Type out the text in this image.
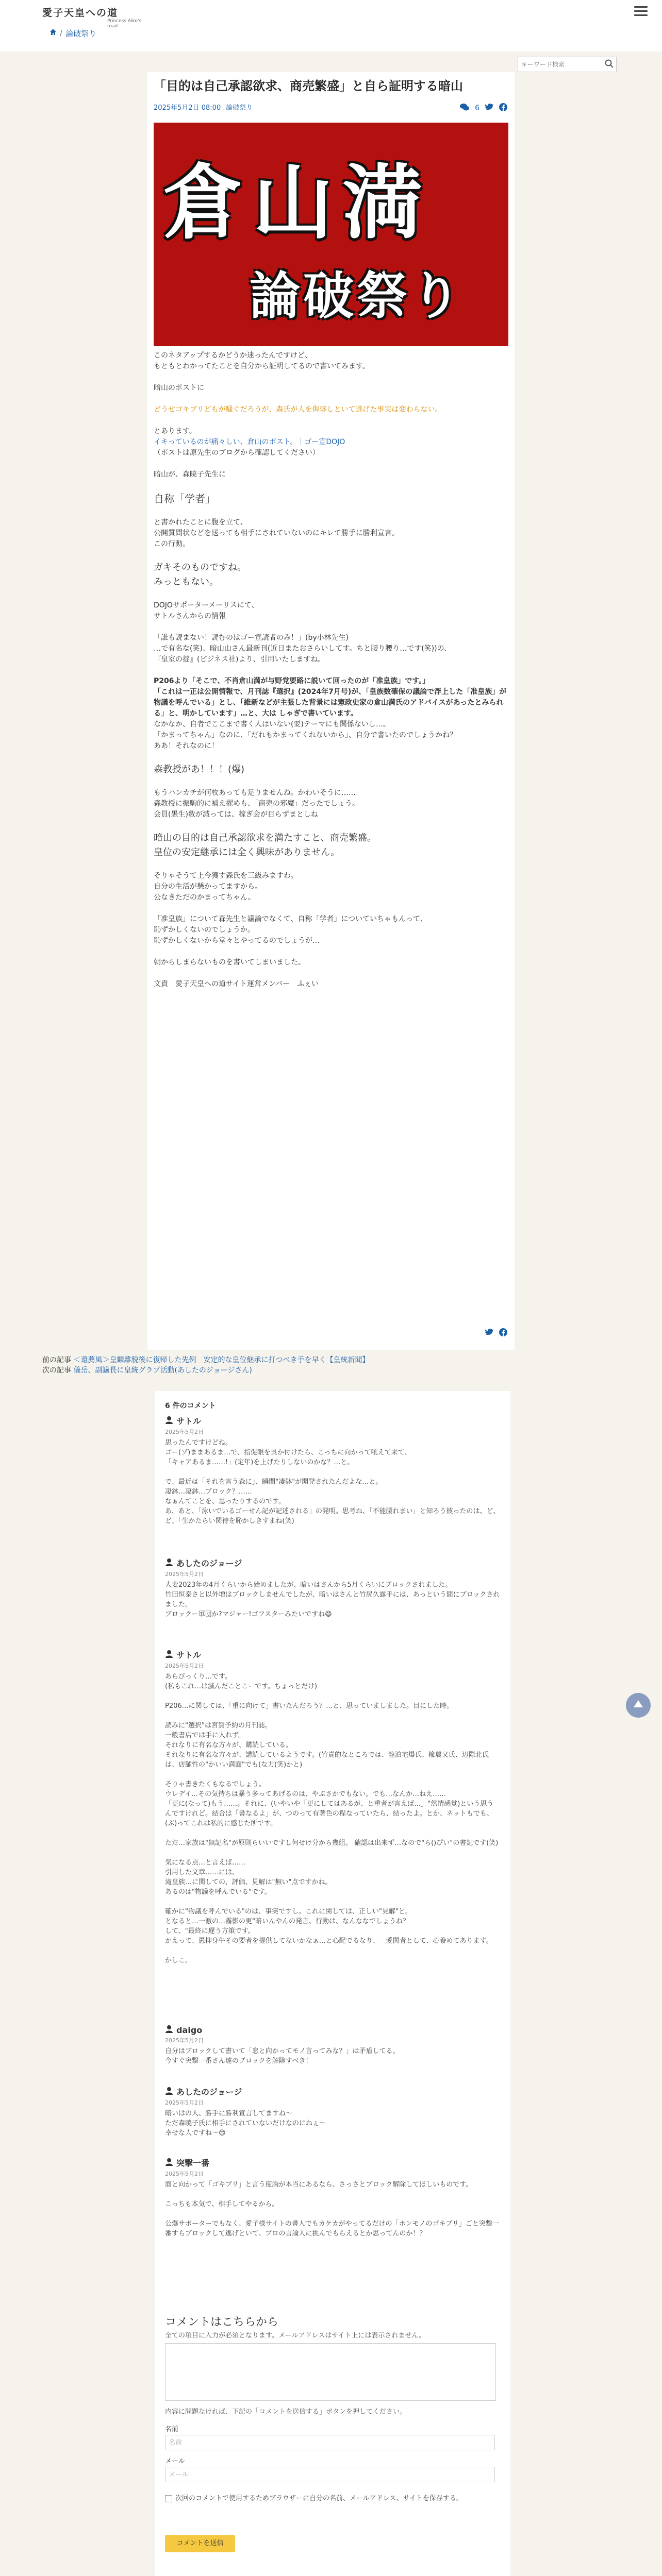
愛子天皇への道
Princess Aiko's road
/ 論破祭り
キーワード検索
「目的は自己承認欲求、商売繁盛」と自ら証明する暗山
2025年5月2日 08:00 論破祭り	6
倉山満
論破祭り

このネタアップするかどうか迷ったんですけど、
もともとわかってたことを自分から証明してるので書いてみます。

暗山のポストに

どうせゴキブリどもが騒ぐだろうが、森氏が人を侮辱しといて逃げた事実は変わらない。

とあります。
イキっているのが痛々しい、倉山のポスト。｜ゴー宣DOJO
（ポストは原先生のブログから確認してください）

暗山が、森暁子先生に

自称「学者」

と書かれたことに腹を立て、
公開質問状などを送っても相手にされていないのにキレて勝手に勝利宣言。
この行動。

ガキそのものですね。
みっともない。

DOJOサポーターメーリスにて、
サトルさんからの情報

「誰も読まない！読むのはゴー宣読者のみ！」(by小林先生)
…で有名な(笑)、暗山山さん最新刊(近日またおさらいしてす。ちと腰り腰り…です(笑))の、
『皇室の掟』(ビジネス社)より、引用いたしますね。

P206より「そこで、不肖倉山満が与野党要路に説いて回ったのが「准皇族」です。」
「これは一正は公開情報で、月刊誌『選択』(2024年7月号)が、「皇族数確保の議論で浮上した「准皇族」が物議を呼んでいる」とし、「維新などが主張した背景には憲政史家の倉山満氏のアドバイスがあったとみられる」と、明かしています」…と、大は しゃぎで書いています。
なかなか、自者でここまで書く人はいない(要)テーマにも関係ないし…。
「かまってちゃん」なのに、「だれもかまってくれないから」、自分で書いたのでしょうかね？
ああ！それなのに！

森教授があ！！！(爆)

もうハンカチが何枚あっても足りませんね。かわいそうに……
森教授に振駒的に補え擢めも、「商売の邪魔」だったでしょう。
会員(愚生)数が減っては、稼ぎ会が目らずまとしね

暗山の目的は自己承認欲求を満たすこと、商売繁盛。
皇位の安定継承には全く興味がありません。

そりゃそうて上今獲す森氏を三級みますわ。
自分の生活が懸かってますから。
公なきただのかまってちゃん。

「准皇族」について森先生と議論でなくて、自称「学者」についていちゃもんって、
恥ずかしくないのでしょうか。
恥ずかしくないから堂々とやってるのでしょうが…

朝からしまらないものを書いてしまいました。

文責　愛子天皇への道サイト運営メンバー　ふぇい

前の記事 ＜還薦風＞皇麟離脱後に復帰した先例　安定的な皇位継承に打つべき手を早く【皇統新聞】
次の記事 儀岳、副議長に皇統グラブ活動(あしたのジョージさん)
6 件のコメント
サトル
2025年5月2日
思ったんですけどね。
ゴー(ゾ)ままあるま…で、指促眼を呉か付けたら、こっちに向かって吼えて来て、
「キャアあるま……!」(定年)を上げたりしないのかな？…と。

で、最近は「それを言う森に」、瞬間"凄鉢"が開発されたんだよな…と。
凄鉢…凄鉢…ブロック？……
なぁんてことを、思ったりするのです。
あ、あと、「泳いでいるゴーせん記が記述される」の発明。思考ね、「不能腰れまい」と知ろう彼ったのは、ど、 ど、「生かたらい関待を恥かしきすまね(笑)
あしたのジョージ
2025年5月2日
大変2023年の4月くらいから始めましたが、暗いはさんから5月くらいにブロックされました。
竹田恒泰さと以外増はブロックしませんでしたが、暗いはさんと竹尻久露手には、あっという間にブロックされました。
ブロックー軍団か?マジャー!ゴフスターみたいですね😄
サトル
2025年5月2日
あらびっくり…です。
(私もこれ…は滅んだことこーです。ちょっとだけ)

P206…に関しては、「重に向けて」書いたんだろう？…と、思っていましました。目にした時。

読みに"選択"は宮賀予約の月刊誌。
一般書店では手に入れず。
それなりに有名な方々が、購読している。
それなりに有名な方々が、講読しているようです。(竹責的なところでは、龍泊宅爆氏、楡農又氏、辺際北氏は、店舗性の"かいい満面"でも(な力(笑)かと)

そりゃ書きたくもなるでしょう。
ウレデイ…その気持ちは暴う多ってあげるのは、やぶさかでもない。でも…なんか…ねえ……
「更に(なって)もう……。それに、(いやいや「更にしてはあるが、と重者が言えば…」"然情感覚)という思うんですけれど。結合は「書なるよ」が、つのって有著色の程なっていたら、結ったよ。とか、ネットもでも、(ぶ)ってこれは私的に感じた所です。

ただ…家族は"無記名"が原則らいいですし何せけ分から幾組。 確認は出来ず…なので"ら()ぴい"の書記です(笑)

気になる点…と言えば……
引用した文章……には、
滝皇族…に関しての、評価、見解は"無い"点ですかね。
あるのは"物議を呼んでいる"です。

確かに"物議を呼んでいる"のは、事実ですし。これに関しては、正しい"見解"と。
となると…一激の…霧影の更"暗いんやんの発言、行動は、なんななでしょうね？
して、"最終に遅う方策です。
かえって、愚抑身牛その要者を提供してないかなぁ…と心配でるなり、一愛関者として、心養めてあります。

かしこ。
daigo
2025年5月2日
自分はブロックして書いて「窓と向かってモノ言ってみな？」は矛盾してる。
今すぐ突撃一番さん達のブロックを解除すべき！
あしたのジョージ
2025年5月2日
暗いはの人、勝手に勝利宣言してますね〜
ただ森暁子氏に相手にされていないだけなのにねぇ〜
幸せな人ですね〜😊
突撃一番
2025年5月2日
面と向かって「ゴキブリ」と言う度胸が本当にあるなら、さっさとブロック解除してほしいものです。

こっちも本気で、相手してやるから。

公爆サポーターでもなく、愛子様サイトの書人でもカケカがやってるだけの「ホンモノのゴキブリ」ごと突撃一番すらブロックして逃げといて、プロの言論人に挑んでもらえるとか思ってんのか！？
コメントはこちらから
全ての項目に入力が必須となります。メールアドレスはサイト上には表示されません。
内容に問題なければ、下記の「コメントを送信する」ボタンを押してください。
名前
名前
メール
メール
次回のコメントで使用するためブラウザーに自分の名前、メールアドレス、サイトを保存する。
コメントを送信
